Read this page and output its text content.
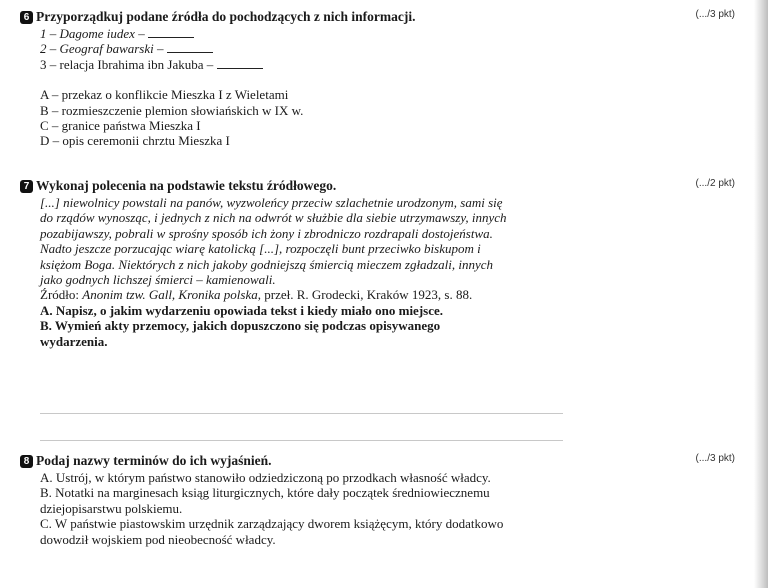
6 Przyporządkuj podane źródła do pochodzących z nich informacji.	(.../3 pkt)
1 – Dagome iudex –
2 – Geograf bawarski –
3 – relacja Ibrahima ibn Jakuba –
A – przekaz o konflikcie Mieszka I z Wieletami
B – rozmieszczenie plemion słowiańskich w IX w.
C – granice państwa Mieszka I
D – opis ceremonii chrztu Mieszka I
7 Wykonaj polecenia na podstawie tekstu źródłowego.	(.../2 pkt)
[...] niewolnicy powstali na panów, wyzwoleńcy przeciw szlachetnie urodzonym, sami się
do rządów wynosząc, i jednych z nich na odwrót w służbie dla siebie utrzymawszy, innych
pozabijawszy, pobrali w sprośny sposób ich żony i zbrodniczo rozdrapali dostojeństwa.
Nadto jeszcze porzucając wiarę katolicką [...], rozpoczęli bunt przeciwko biskupom i
księżom Boga. Niektórych z nich jakoby godniejszą śmiercią mieczem zgładzali, innych
jako godnych lichszej śmierci – kamienowali.
Źródło: Anonim tzw. Gall, Kronika polska, przeł. R. Grodecki, Kraków 1923, s. 88.
A. Napisz, o jakim wydarzeniu opowiada tekst i kiedy miało ono miejsce.
B. Wymień akty przemocy, jakich dopuszczono się podczas opisywanego
wydarzenia.
8 Podaj nazwy terminów do ich wyjaśnień.	(.../3 pkt)
A. Ustrój, w którym państwo stanowiło odziedziczoną po przodkach własność władcy.
B. Notatki na marginesach ksiąg liturgicznych, które dały początek średniowiecznemu
dziejopisarstwu polskiemu.
C. W państwie piastowskim urzędnik zarządzający dworem książęcym, który dodatkowo
dowodził wojskiem pod nieobecność władcy.
